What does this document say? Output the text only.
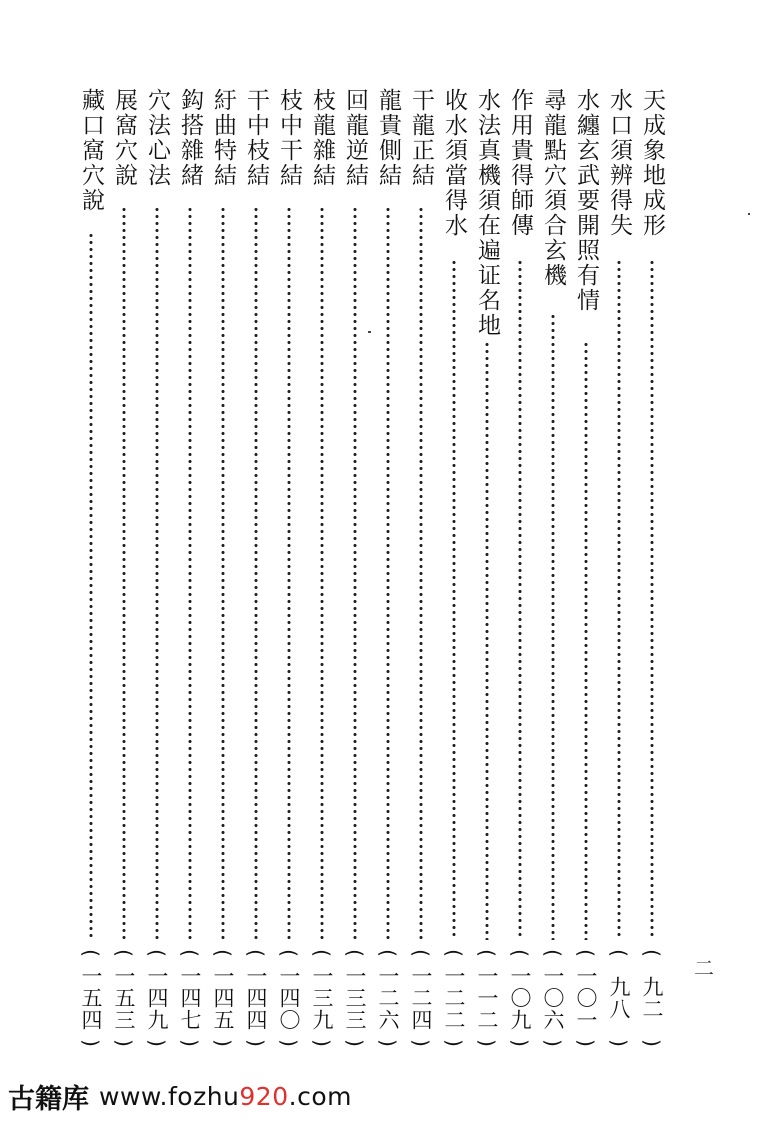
天成象地成形
(
九二
)
水口須辨得失
(
九八
)
水纏玄武要開照有情
(
一〇一
)
尋龍點穴須合玄機
(
一〇六
)
作用貴得師傳
(
一〇九
)
水法真機須在遍证名地
(
一一二
)
收水須當得水
(
一二二
)
干龍正結
(
一二四
)
龍貴側結
(
一二六
)
回龍逆結
(
一三三
)
枝龍雜結
(
一三九
)
枝中干結
(
一四〇
)
干中枝結
(
一四四
)
紆曲特結
(
一四五
)
鈎搭雜緒
(
一四七
)
穴法心法
(
一四九
)
展窩穴說
(
一五三
)
藏口窩穴說
(
一五四
)
二
古籍库 www.fozhu920.com
